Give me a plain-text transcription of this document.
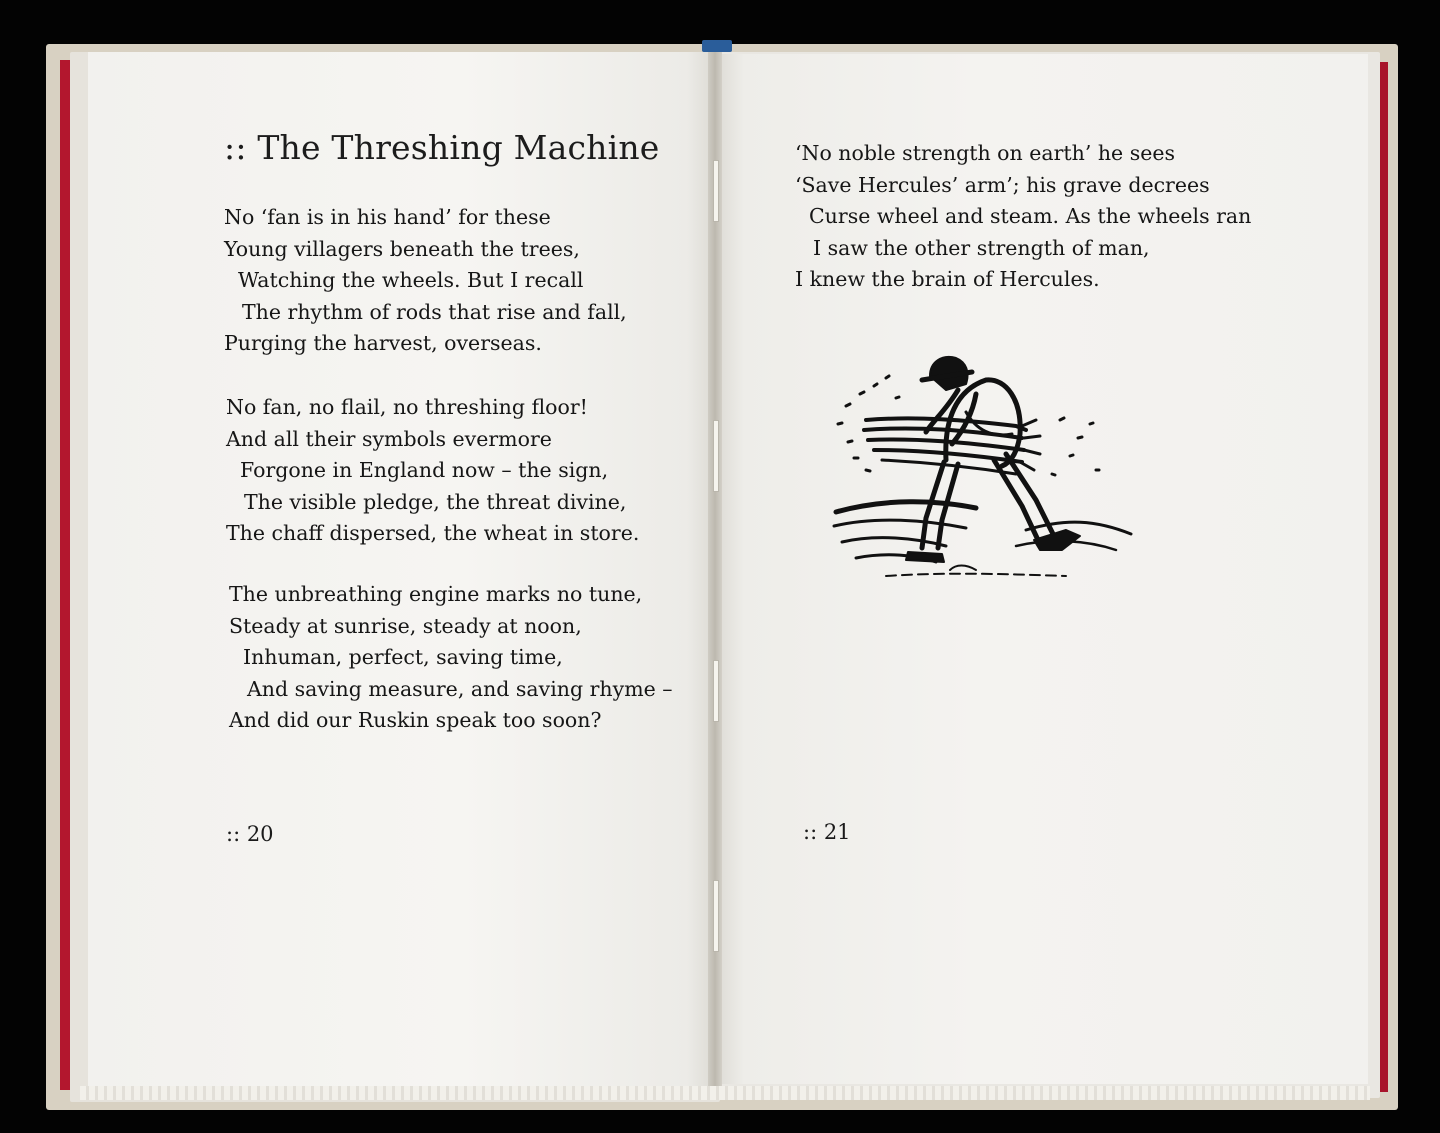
:: The Threshing Machine
No ‘fan is in his hand’ for these
Young villagers beneath the trees,
Watching the wheels. But I recall
The rhythm of rods that rise and fall,
Purging the harvest, overseas.
No fan, no flail, no threshing floor!
And all their symbols evermore
Forgone in England now – the sign,
The visible pledge, the threat divine,
The chaff dispersed, the wheat in store.
The unbreathing engine marks no tune,
Steady at sunrise, steady at noon,
Inhuman, perfect, saving time,
And saving measure, and saving rhyme –
And did our Ruskin speak too soon?
:: 20
‘No noble strength on earth’ he sees
‘Save Hercules’ arm’; his grave decrees
Curse wheel and steam. As the wheels ran
I saw the other strength of man,
I knew the brain of Hercules.
:: 21
